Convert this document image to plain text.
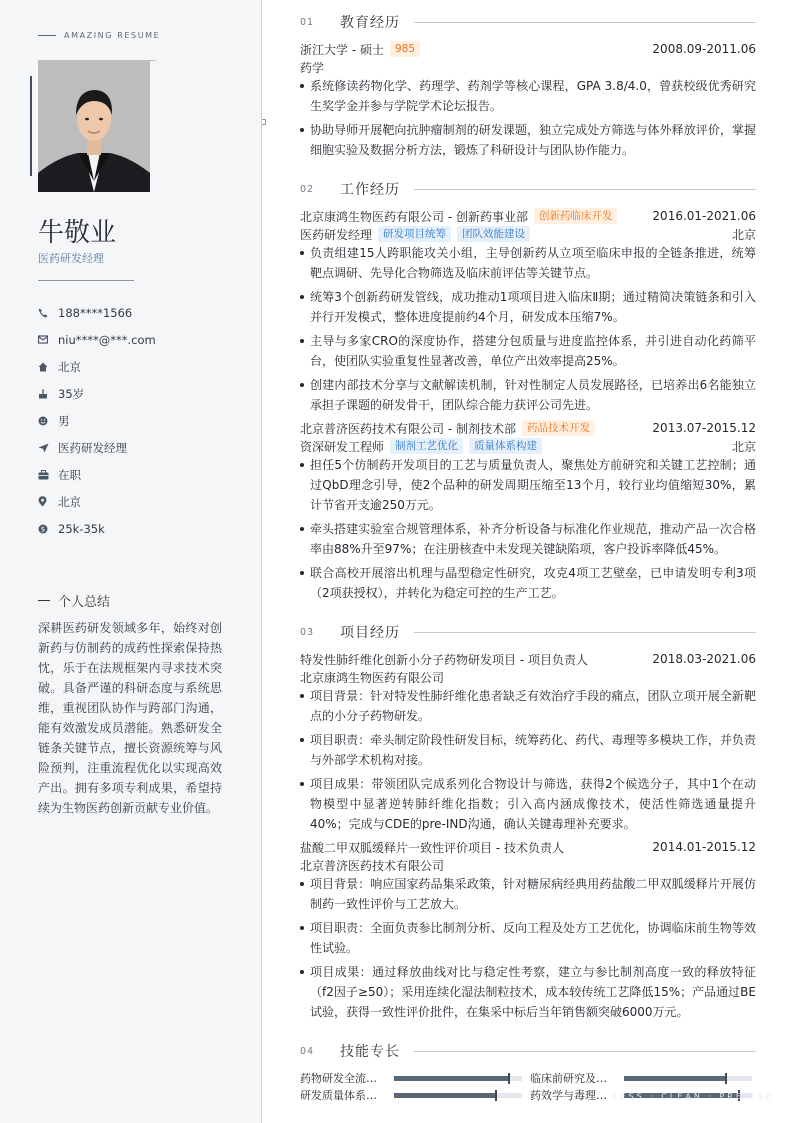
AMAZING RESUME
牛敬业
医药研发经理
188****1566
niu****@***.com
北京
35岁
男
医药研发经理
在职
北京
$ 25k-35k
个人总结
深耕医药研发领域多年，始终对创新药与仿制药的成药性探索保持热忱，乐于在法规框架内寻求技术突破。具备严谨的科研态度与系统思维，重视团队协作与跨部门沟通，能有效激发成员潜能。熟悉研发全链条关键节点，擅长资源统筹与风险预判，注重流程优化以实现高效产出。拥有多项专利成果，希望持续为生物医药创新贡献专业价值。
01	教育经历
浙江大学 - 硕士	985	2008.09-2011.06
药学
系统修读药物化学、药理学、药剂学等核心课程，GPA 3.8/4.0，曾获校级优秀研究生奖学金并参与学院学术论坛报告。
协助导师开展靶向抗肿瘤制剂的研发课题，独立完成处方筛选与体外释放评价，掌握细胞实验及数据分析方法，锻炼了科研设计与团队协作能力。
02	工作经历
北京康鸿生物医药有限公司 - 创新药事业部	创新药临床开发	2016.01-2021.06
医药研发经理	研发项目统筹	团队效能建设	北京
负责组建15人跨职能攻关小组，主导创新药从立项至临床申报的全链条推进，统筹靶点调研、先导化合物筛选及临床前评估等关键节点。
统筹3个创新药研发管线，成功推动1项项目进入临床Ⅱ期；通过精简决策链条和引入并行开发模式，整体进度提前约4个月，研发成本压缩7%。
主导与多家CRO的深度协作，搭建分包质量与进度监控体系，并引进自动化药筛平台，使团队实验重复性显著改善，单位产出效率提高25%。
创建内部技术分享与文献解读机制，针对性制定人员发展路径，已培养出6名能独立承担子课题的研发骨干，团队综合能力获评公司先进。
北京普济医药技术有限公司 - 制剂技术部	药品技术开发	2013.07-2015.12
资深研发工程师	制剂工艺优化	质量体系构建	北京
担任5个仿制药开发项目的工艺与质量负责人，聚焦处方前研究和关键工艺控制；通过QbD理念引导，使2个品种的研发周期压缩至13个月，较行业均值缩短30%，累计节省开支逾250万元。
牵头搭建实验室合规管理体系，补齐分析设备与标准化作业规范，推动产品一次合格率由88%升至97%；在注册核查中未发现关键缺陷项，客户投诉率降低45%。
联合高校开展溶出机理与晶型稳定性研究，攻克4项工艺壁垒，已申请发明专利3项（2项获授权），并转化为稳定可控的生产工艺。
03	项目经历
特发性肺纤维化创新小分子药物研发项目 - 项目负责人	2018.03-2021.06
北京康鸿生物医药有限公司
项目背景：针对特发性肺纤维化患者缺乏有效治疗手段的痛点，团队立项开展全新靶点的小分子药物研发。
项目职责：牵头制定阶段性研发目标，统筹药化、药代、毒理等多模块工作，并负责与外部学术机构对接。
项目成果：带领团队完成系列化合物设计与筛选，获得2个候选分子，其中1个在动物模型中显著逆转肺纤维化指数；引入高内涵成像技术，使活性筛选通量提升40%；完成与CDE的pre-IND沟通，确认关键毒理补充要求。
盐酸二甲双胍缓释片一致性评价项目 - 技术负责人	2014.01-2015.12
北京普济医药技术有限公司
项目背景：响应国家药品集采政策，针对糖尿病经典用药盐酸二甲双胍缓释片开展仿制药一致性评价与工艺放大。
项目职责：全面负责参比制剂分析、反向工程及处方工艺优化，协调临床前生物等效性试验。
项目成果：通过释放曲线对比与稳定性考察，建立与参比制剂高度一致的释放特征（f2因子≥50）；采用连续化湿法制粒技术，成本较传统工艺降低15%；产品通过BE试验，获得一致性评价批件，在集采中标后当年销售额突破6000万元。
04	技能专长
药物研发全流…	临床前研究及…
研发质量体系…	药效学与毒理… LESS · CLEAN · PRECISE
